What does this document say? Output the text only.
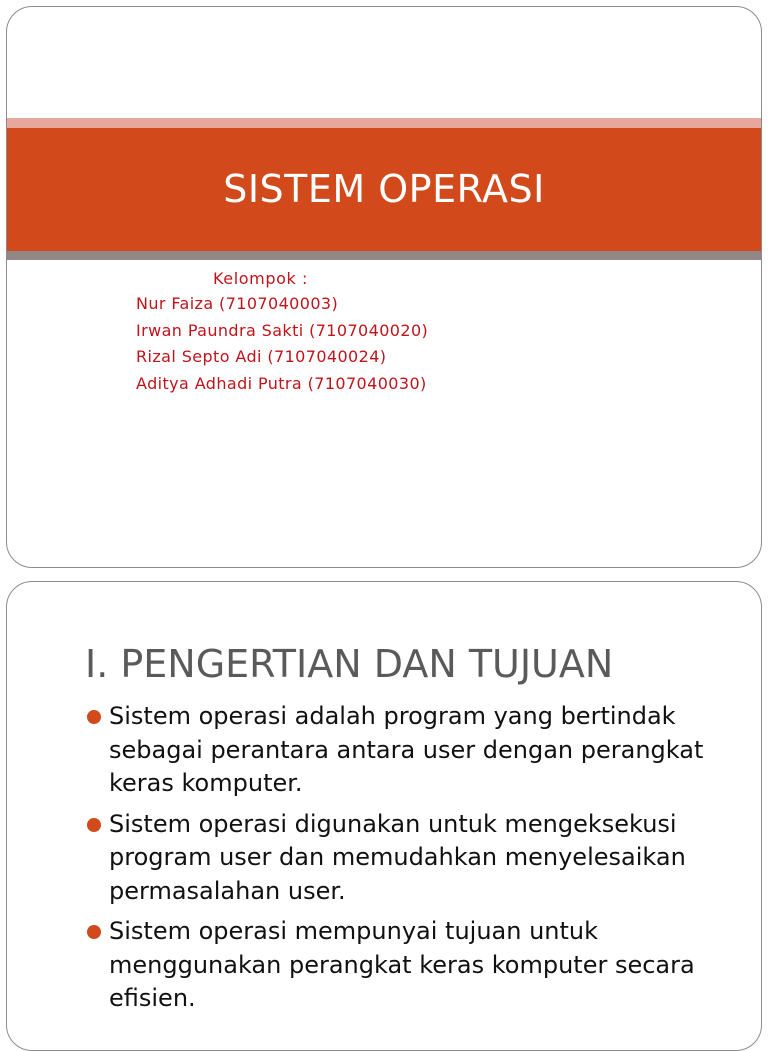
SISTEM OPERASI
Kelompok :
Nur Faiza (7107040003)
Irwan Paundra Sakti (7107040020)
Rizal Septo Adi (7107040024)
Aditya Adhadi Putra (7107040030)
I. PENGERTIAN DAN TUJUAN
Sistem operasi adalah program yang bertindak sebagai perantara antara user dengan perangkat keras komputer.
Sistem operasi digunakan untuk mengeksekusi program user dan memudahkan menyelesaikan permasalahan user.
Sistem operasi mempunyai tujuan untuk menggunakan perangkat keras komputer secara efisien.
